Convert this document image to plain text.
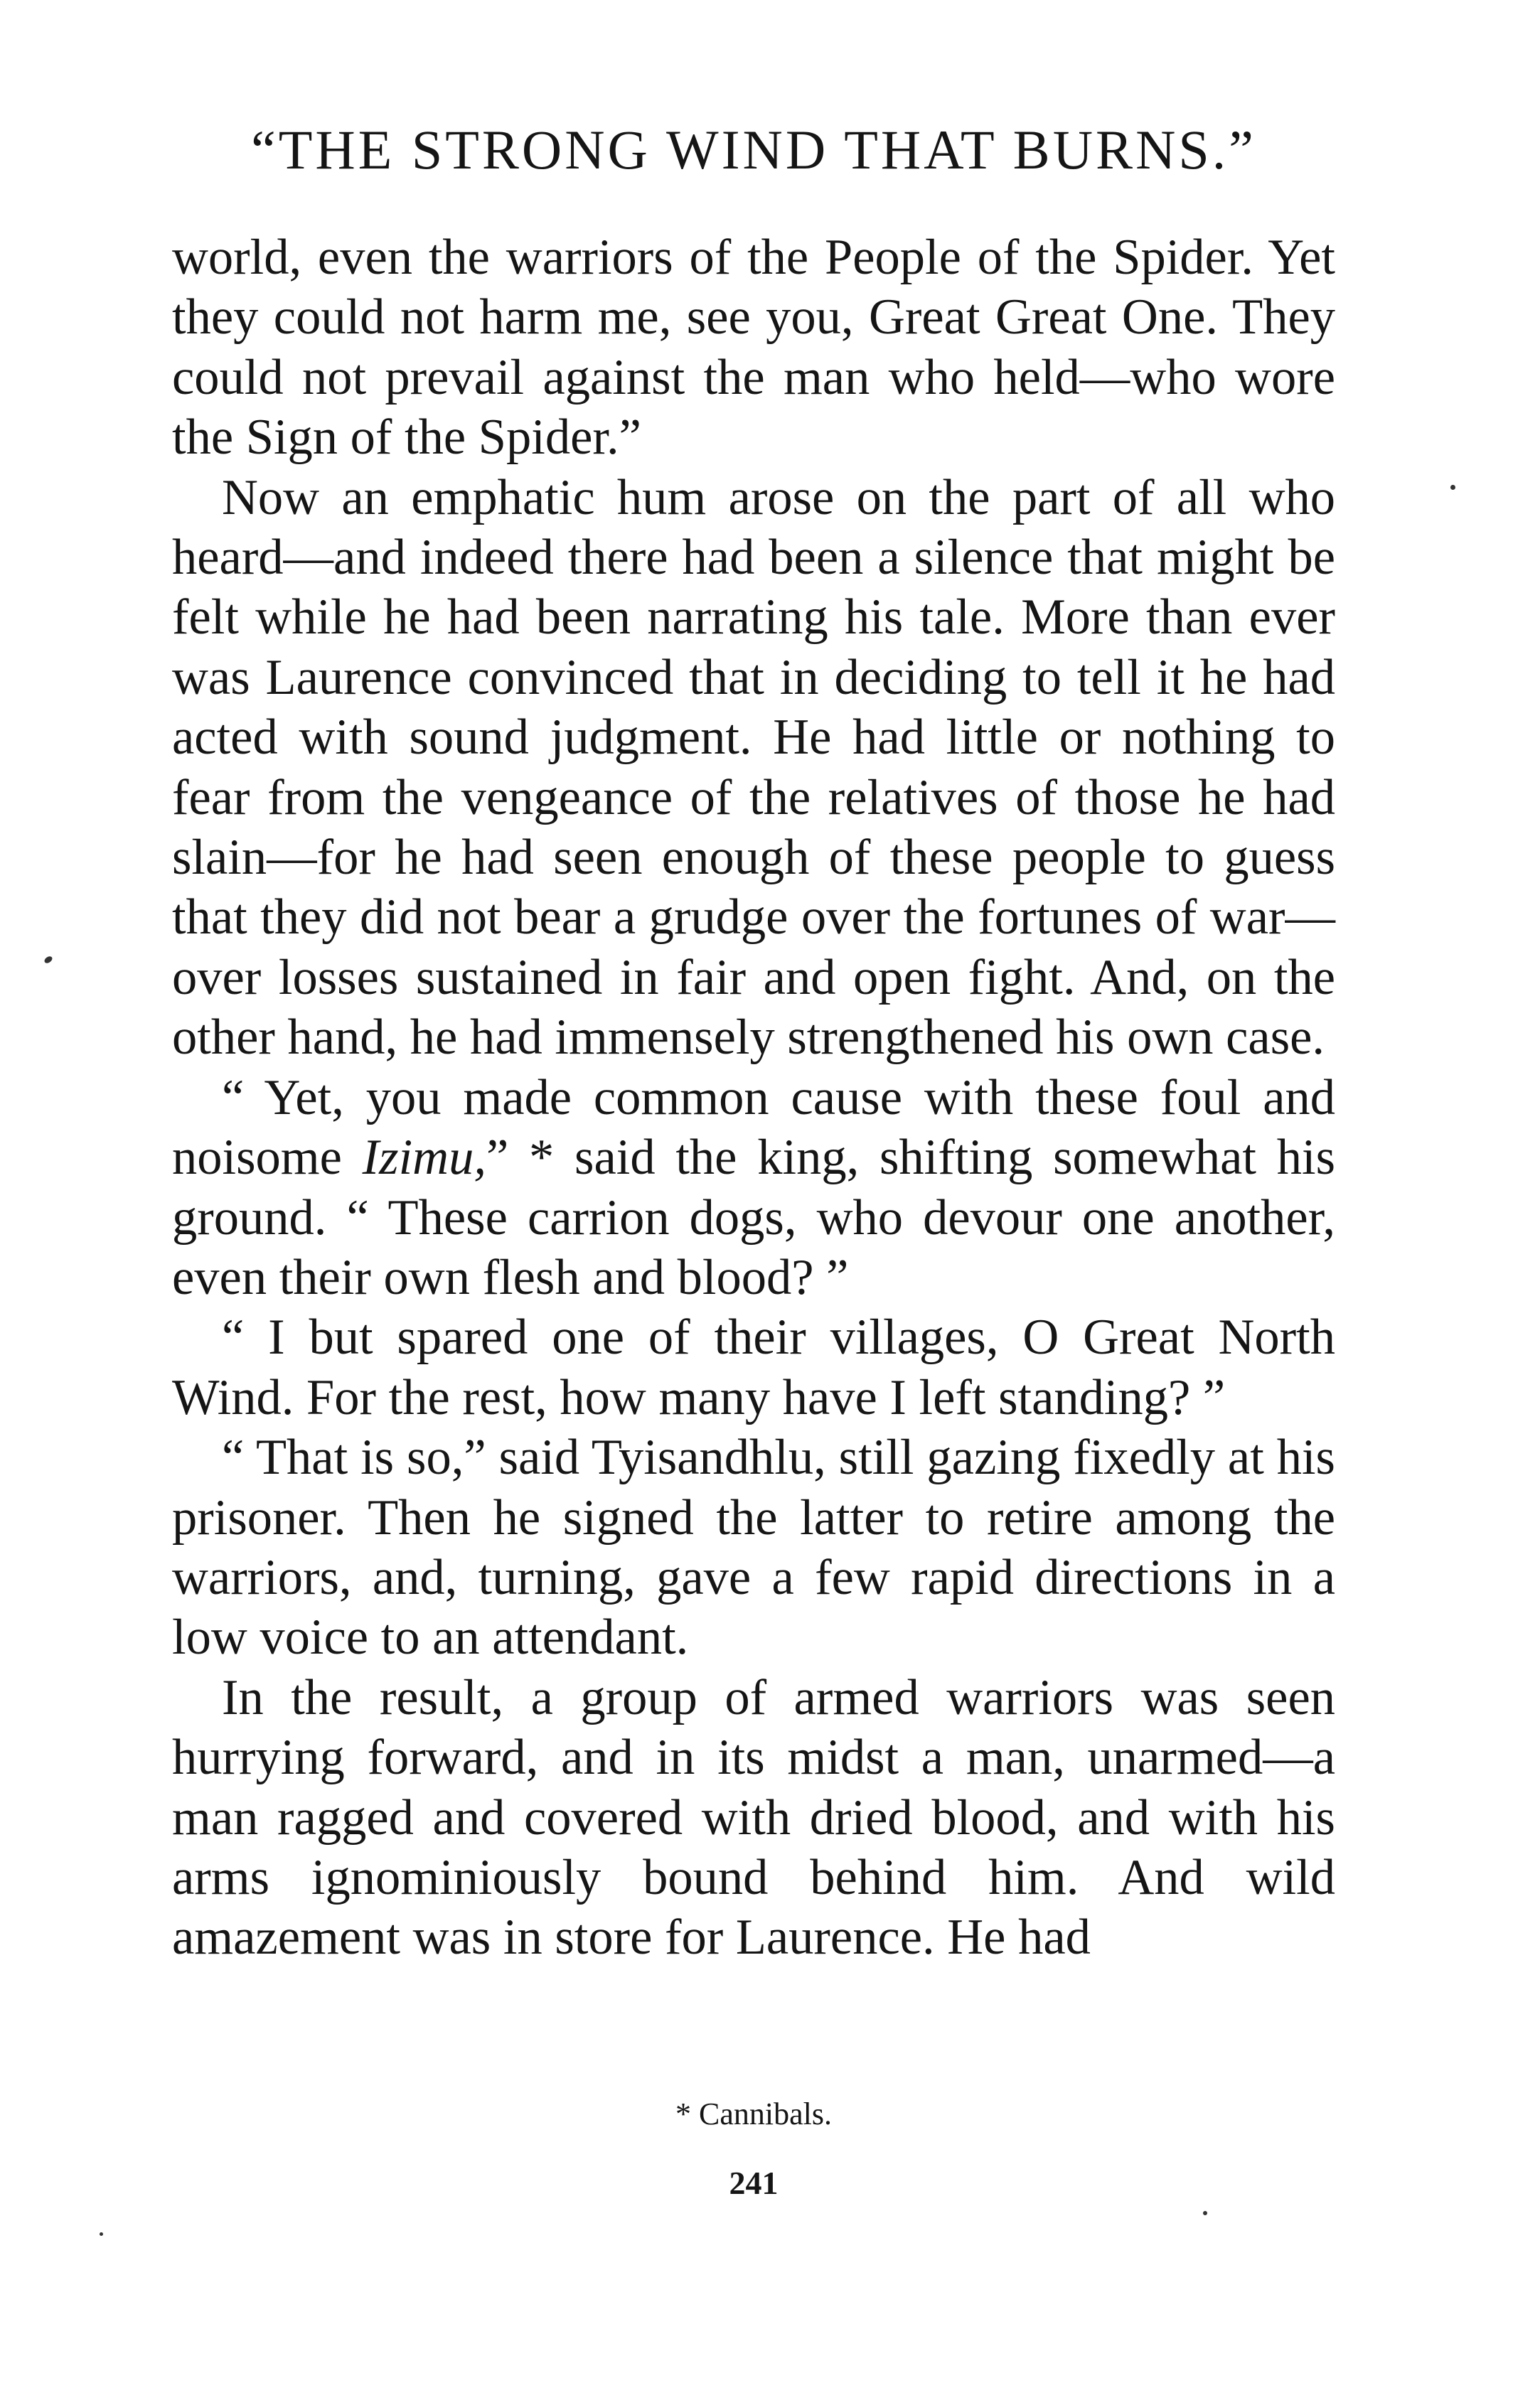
“THE STRONG WIND THAT BURNS.”

world, even the warriors of the People of the Spider. Yet they could not harm me, see you, Great Great One. They could not prevail against the man who held—who wore the Sign of the Spider.”

Now an emphatic hum arose on the part of all who heard—and indeed there had been a silence that might be felt while he had been narrating his tale. More than ever was Laurence convinced that in deciding to tell it he had acted with sound judgment. He had little or nothing to fear from the vengeance of the relatives of those he had slain—for he had seen enough of these people to guess that they did not bear a grudge over the fortunes of war—over losses sustained in fair and open fight. And, on the other hand, he had immensely strengthened his own case.

“ Yet, you made common cause with these foul and noisome Izimu,” * said the king, shifting somewhat his ground. “ These carrion dogs, who devour one another, even their own flesh and blood? ”

“ I but spared one of their villages, O Great North Wind. For the rest, how many have I left standing? ”

“ That is so,” said Tyisandhlu, still gazing fixedly at his prisoner. Then he signed the latter to retire among the warriors, and, turning, gave a few rapid directions in a low voice to an attendant.

In the result, a group of armed warriors was seen hurrying forward, and in its midst a man, unarmed—a man ragged and covered with dried blood, and with his arms ignominiously bound behind him. And wild amazement was in store for Laurence. He had

* Cannibals.
241
